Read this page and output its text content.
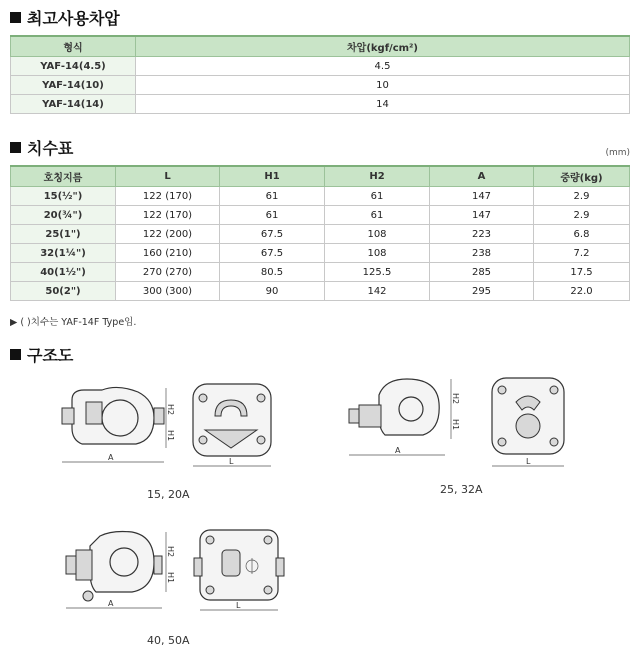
최고사용차압
형식	차압(kgf/cm²)
YAF-14(4.5)	4.5
YAF-14(10)	10
YAF-14(14)	14
치수표	(mm)
호칭지름	L	H1	H2	A	중량(kg)
15(½")	122 (170)	61	61	147	2.9
20(¾")	122 (170)	61	61	147	2.9
25(1")	122 (200)	67.5	108	223	6.8
32(1¼")	160 (210)	67.5	108	238	7.2
40(1½")	270 (270)	80.5	125.5	285	17.5
50(2")	300 (300)	90	142	295	22.0
▶ ( )치수는 YAF-14F Type임.
구조도
H2
H1
A	L
15, 20A
H2
H1
A
L
25, 32A
H2
H1
A	L
40, 50A
